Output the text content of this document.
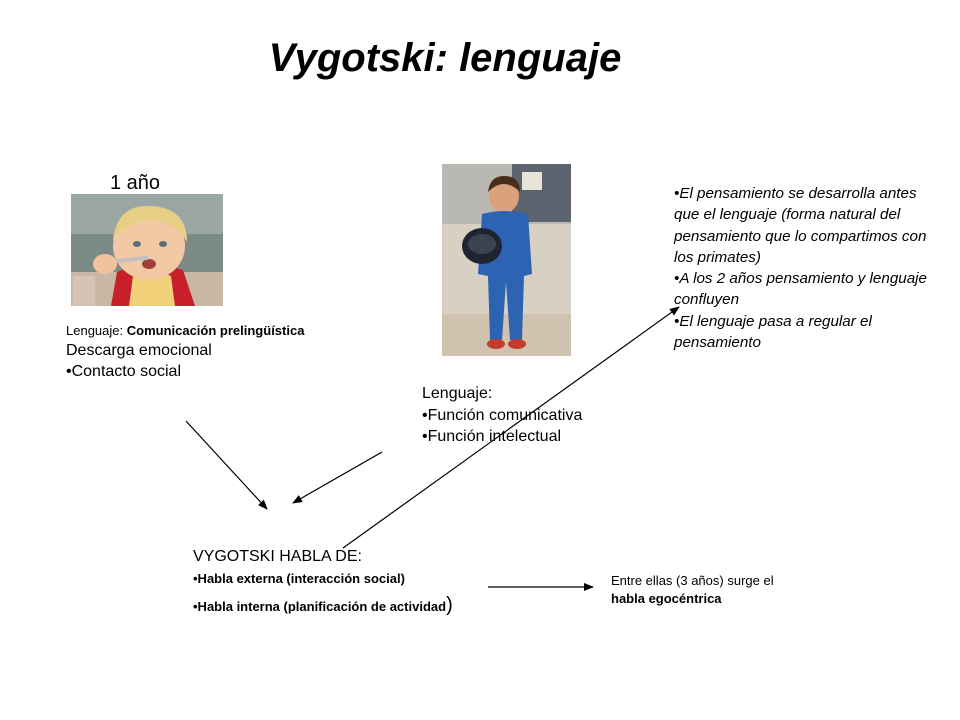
Vygotski: lenguaje
1 año
Lenguaje: Comunicación prelingüística
Descarga emocional
•Contacto social
Lenguaje:
•Función comunicativa
•Función intelectual
•El pensamiento se desarrolla antes que el lenguaje (forma natural del pensamiento que lo compartimos con los primates)
•A los 2 años pensamiento y lenguaje confluyen
•El lenguaje pasa a regular el pensamiento
VYGOTSKI HABLA DE:
•Habla externa (interacción social)
•Habla interna (planificación de actividad)
Entre ellas (3 años) surge el
habla egocéntrica
